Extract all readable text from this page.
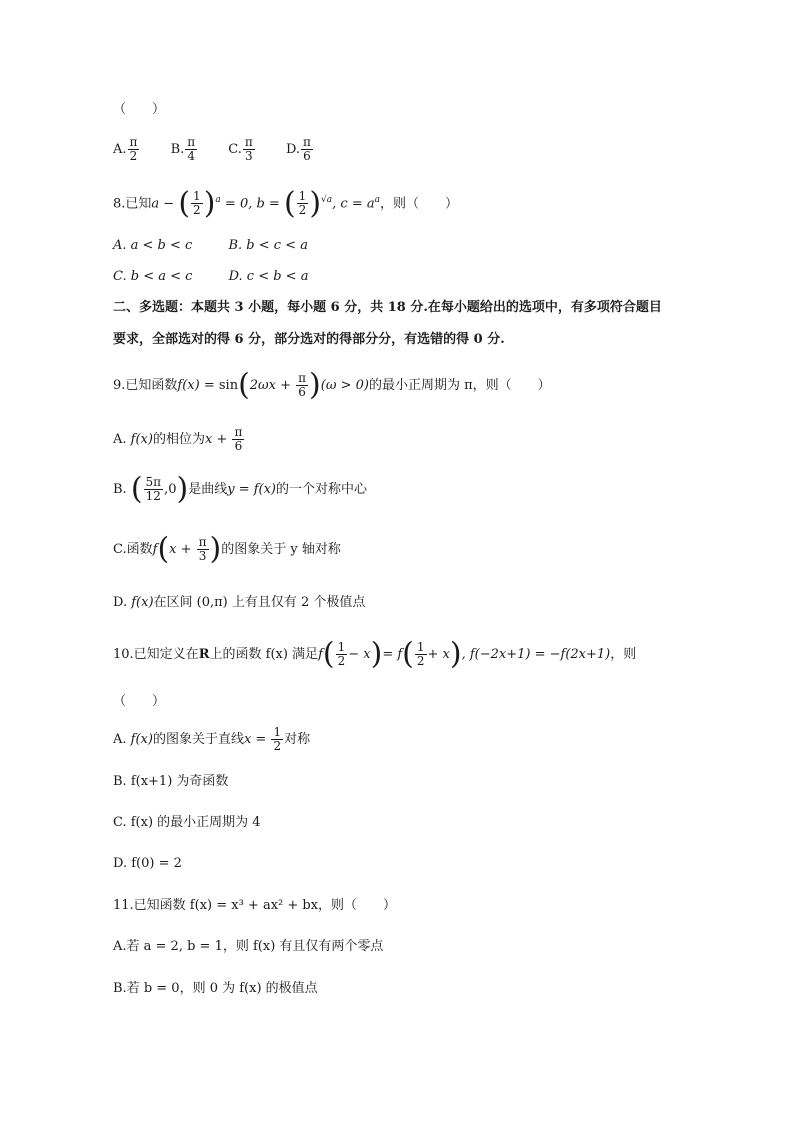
（　　）
A. $\frac{\pi}{2} B$. $\frac{\pi}{4} C$. $\frac{\pi}{3} D$. $\frac{\pi}{6}$
8.已知a − ( $\frac{1}{2} )^a = 0$, b = ( $\frac{1}{2} )^{√a}$, $c = a^a$，则（　　）
A. a < b < c	B. b < c < a
C. b < a < c	D. c < b < a
二、多选题：本题共 3 小题，每小题 6 分，共 18 分.在每小题给出的选项中，有多项符合题目
要求，全部选对的得 6 分，部分选对的得部分分，有选错的得 0 分.
9.已知函数$f(x) = \sin(2\omega x + \frac{\pi}{6} )(\omega > 0)$的最小正周期为 π，则（　　）
A. f(x)的相位为$x + \frac{\pi}{6}$
B. ( $\frac{5\pi}{12} ,0$)是曲线y = f(x)的一个对称中心
C.函数$f(x + \frac{\pi}{3}$ )的图象关于 y 轴对称
D. f(x)在区间 (0,π) 上有且仅有 2 个极值点
10.已知定义在R上的函数 f(x) 满足$f( \frac{1}{2} - x)= f( \frac{1}{2} + x)$, f(−2x+1) = −f(2x+1)，则
（　　）
A. f(x)的图象关于直线$x = \frac{1}{2}$ 对称
B. f(x+1) 为奇函数
C. f(x) 的最小正周期为 4
D. f(0) = 2
11.已知函数 f(x) = x³ + ax² + bx，则（　　）
A.若 a = 2, b = 1，则 f(x) 有且仅有两个零点
B.若 b = 0，则 0 为 f(x) 的极值点
